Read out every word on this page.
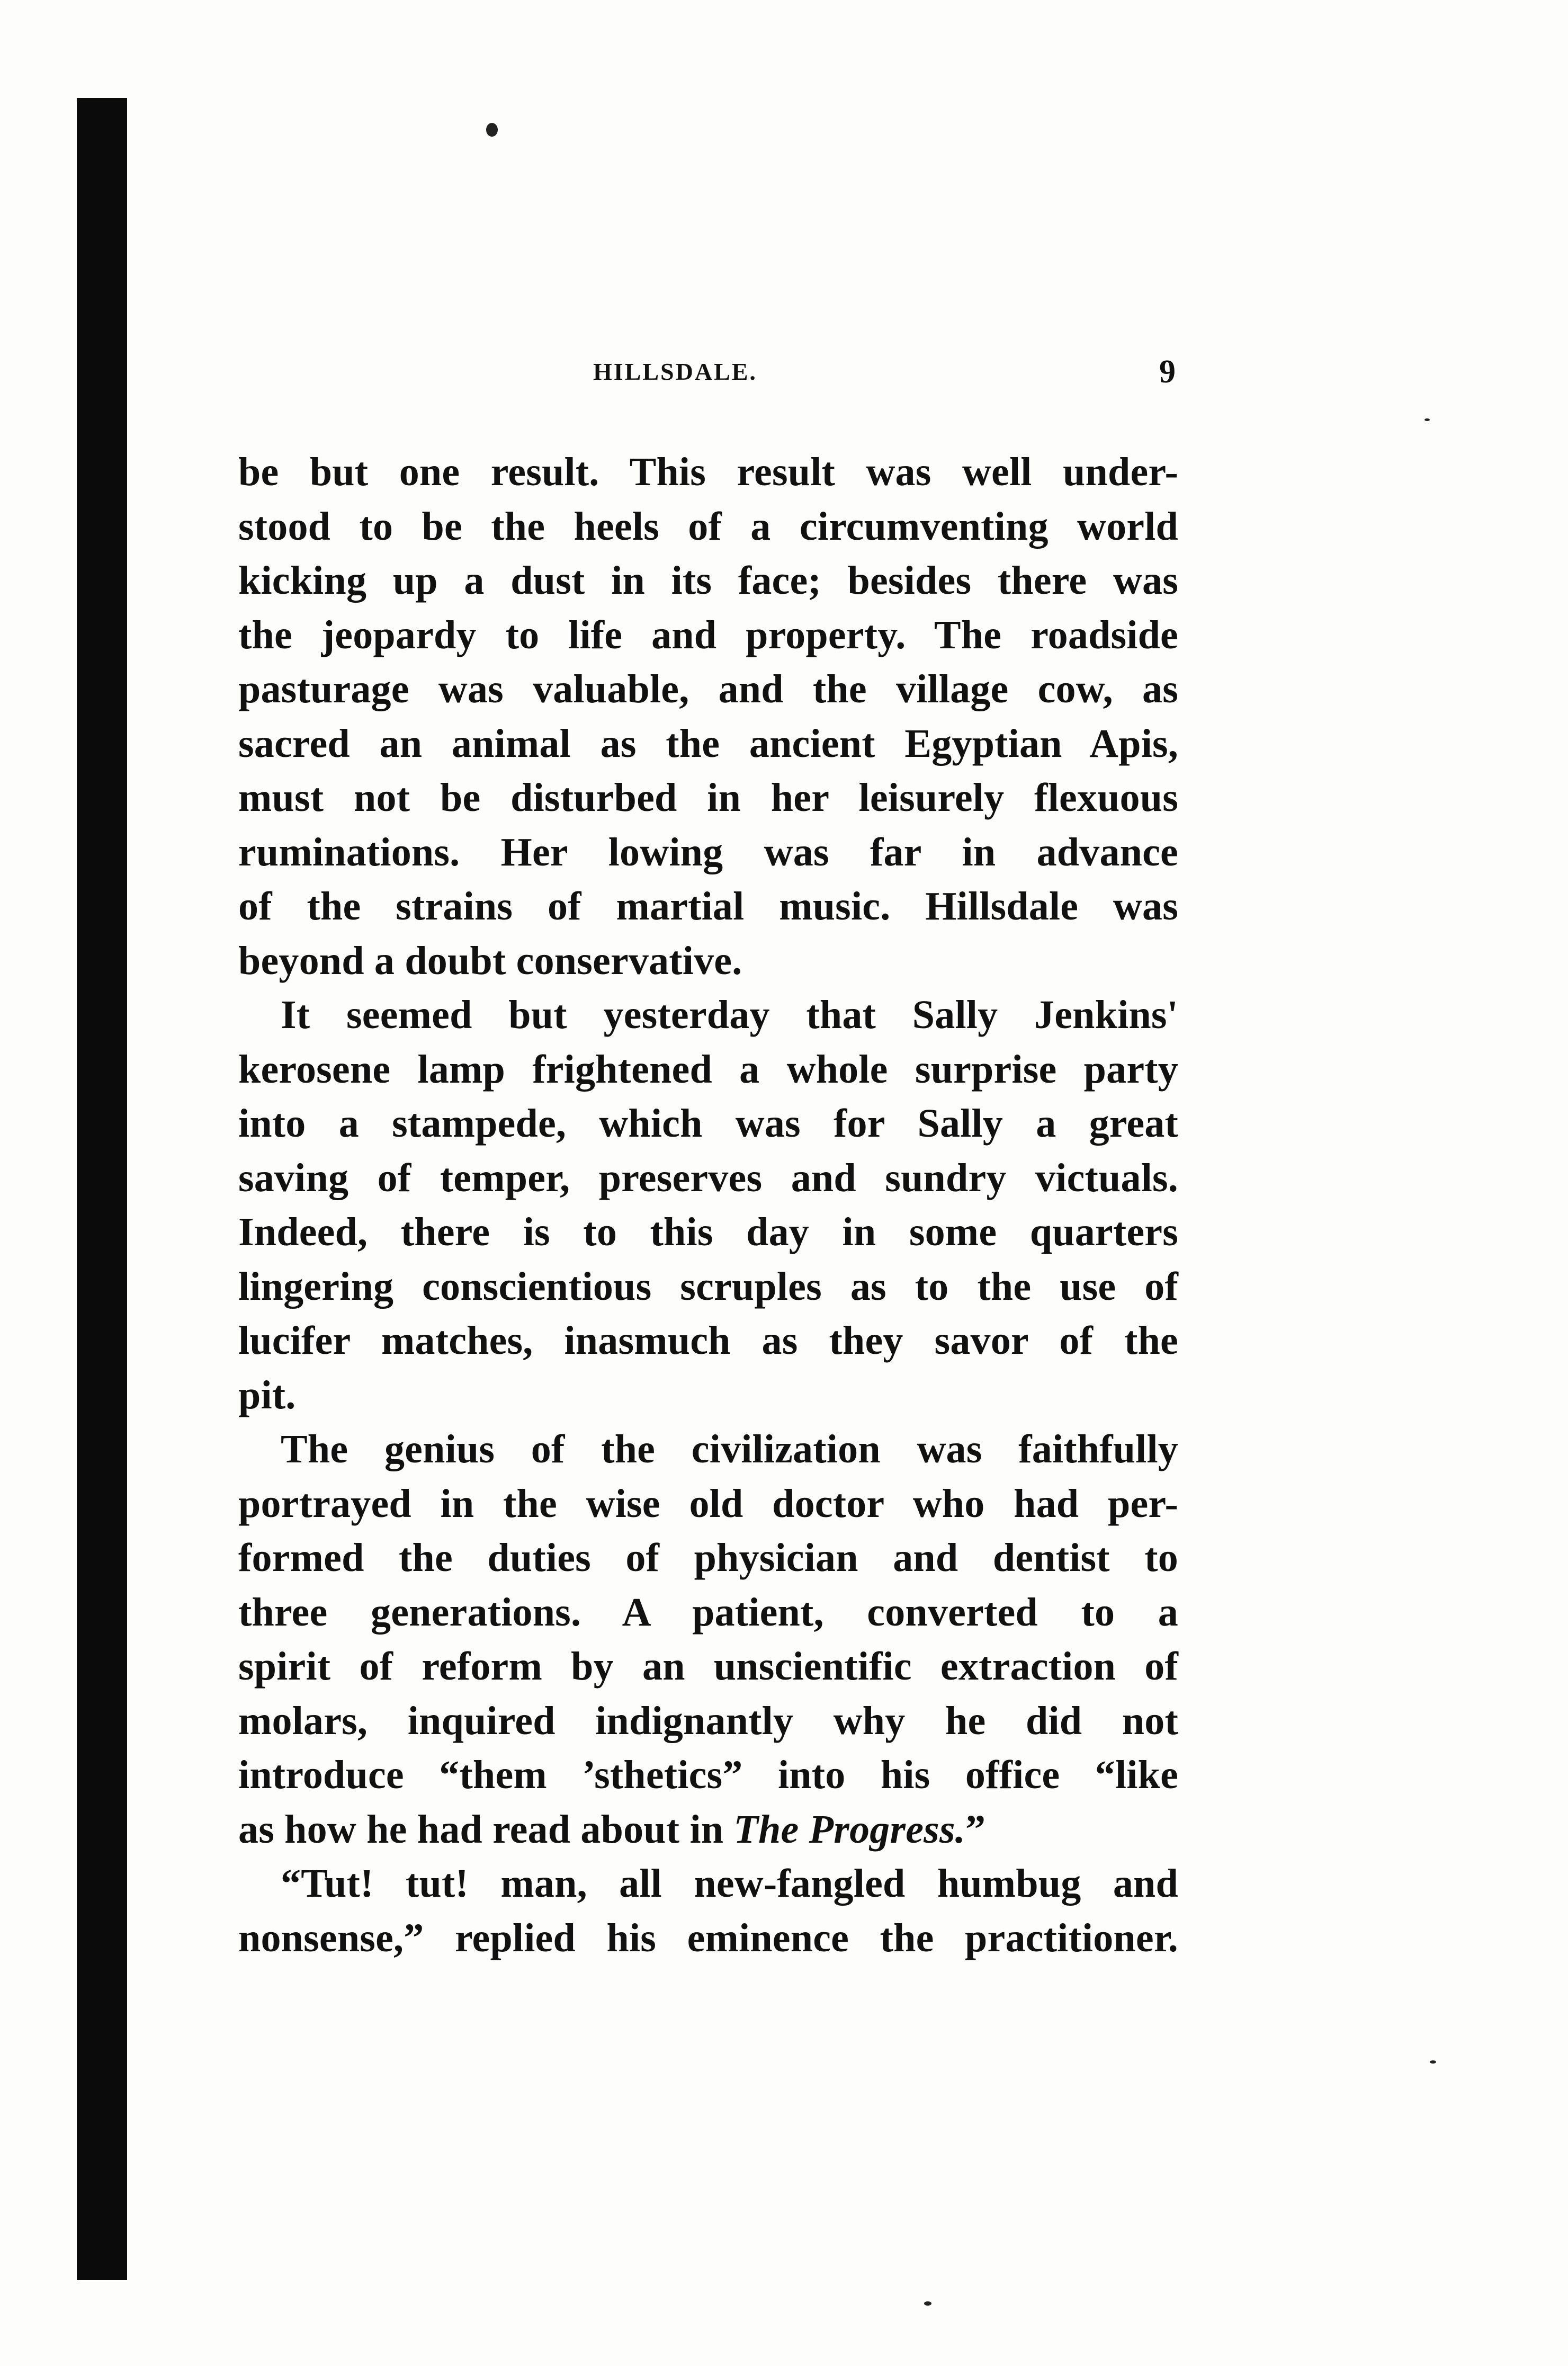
HILLSDALE.	9
be but one result. This result was well under-
stood to be the heels of a circumventing world
kicking up a dust in its face; besides there was
the jeopardy to life and property. The roadside
pasturage was valuable, and the village cow, as
sacred an animal as the ancient Egyptian Apis,
must not be disturbed in her leisurely flexuous
ruminations. Her lowing was far in advance
of the strains of martial music. Hillsdale was
beyond a doubt conservative.
It seemed but yesterday that Sally Jenkins'
kerosene lamp frightened a whole surprise party
into a stampede, which was for Sally a great
saving of temper, preserves and sundry victuals.
Indeed, there is to this day in some quarters
lingering conscientious scruples as to the use of
lucifer matches, inasmuch as they savor of the
pit.
The genius of the civilization was faithfully
portrayed in the wise old doctor who had per-
formed the duties of physician and dentist to
three generations. A patient, converted to a
spirit of reform by an unscientific extraction of
molars, inquired indignantly why he did not
introduce “them ’sthetics” into his office “like
as how he had read about in The Progress.”
“Tut! tut! man, all new-fangled humbug and
nonsense,” replied his eminence the practitioner.
